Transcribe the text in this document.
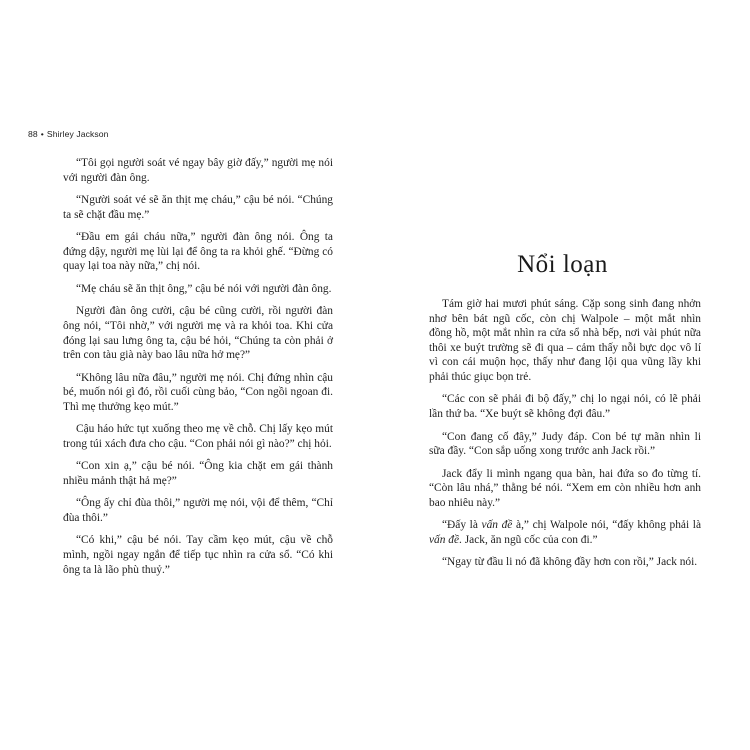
88 • Shirley Jackson

“Tôi gọi người soát vé ngay bây giờ đấy,” người mẹ nói
với người đàn ông.

“Người soát vé sẽ ăn thịt mẹ cháu,” cậu bé nói. “Chúng
ta sẽ chặt đầu mẹ.”

“Đầu em gái cháu nữa,” người đàn ông nói. Ông ta
đứng dậy, người mẹ lùi lại để ông ta ra khỏi ghế. “Đừng có
quay lại toa này nữa,” chị nói.

“Mẹ cháu sẽ ăn thịt ông,” cậu bé nói với người đàn ông.

Người đàn ông cười, cậu bé cũng cười, rồi người đàn
ông nói, “Tôi nhờ,” với người mẹ và ra khỏi toa. Khi cửa
đóng lại sau lưng ông ta, cậu bé hỏi, “Chúng ta còn phải ở
trên con tàu già này bao lâu nữa hở mẹ?”

“Không lâu nữa đâu,” người mẹ nói. Chị đứng nhìn cậu
bé, muốn nói gì đó, rồi cuối cùng bảo, “Con ngồi ngoan đi.
Thì mẹ thưởng kẹo mút.”

Cậu háo hức tụt xuống theo mẹ về chỗ. Chị lấy kẹo mút
trong túi xách đưa cho cậu. “Con phải nói gì nào?” chị hỏi.

“Con xin ạ,” cậu bé nói. “Ông kia chặt em gái thành
nhiều mảnh thật hả mẹ?”

“Ông ấy chỉ đùa thôi,” người mẹ nói, vội để thêm, “Chỉ
đùa thôi.”

“Có khi,” cậu bé nói. Tay cầm kẹo mút, cậu về chỗ
mình, ngồi ngay ngắn để tiếp tục nhìn ra cửa sổ. “Có khi
ông ta là lão phù thuỷ.”

Nổi loạn

Tám giờ hai mươi phút sáng. Cặp song sinh đang nhởn
nhơ bên bát ngũ cốc, còn chị Walpole – một mắt nhìn
đồng hồ, một mắt nhìn ra cửa sổ nhà bếp, nơi vài phút nữa
thôi xe buýt trường sẽ đi qua – cảm thấy nỗi bực dọc vô lí
vì con cái muộn học, thấy như đang lội qua vũng lầy khi
phải thúc giục bọn trẻ.

“Các con sẽ phải đi bộ đấy,” chị lo ngại nói, có lẽ phải
lần thứ ba. “Xe buýt sẽ không đợi đâu.”

“Con đang cố đây,” Judy đáp. Con bé tự mãn nhìn li
sữa đầy. “Con sắp uống xong trước anh Jack rồi.”

Jack đẩy li mình ngang qua bàn, hai đứa so đo từng tí.
“Còn lâu nhá,” thằng bé nói. “Xem em còn nhiều hơn anh
bao nhiêu này.”

“Đấy là vấn đề à,” chị Walpole nói, “đấy không phải là
vấn đề. Jack, ăn ngũ cốc của con đi.”

“Ngay từ đầu li nó đã không đầy hơn con rồi,” Jack nói.
